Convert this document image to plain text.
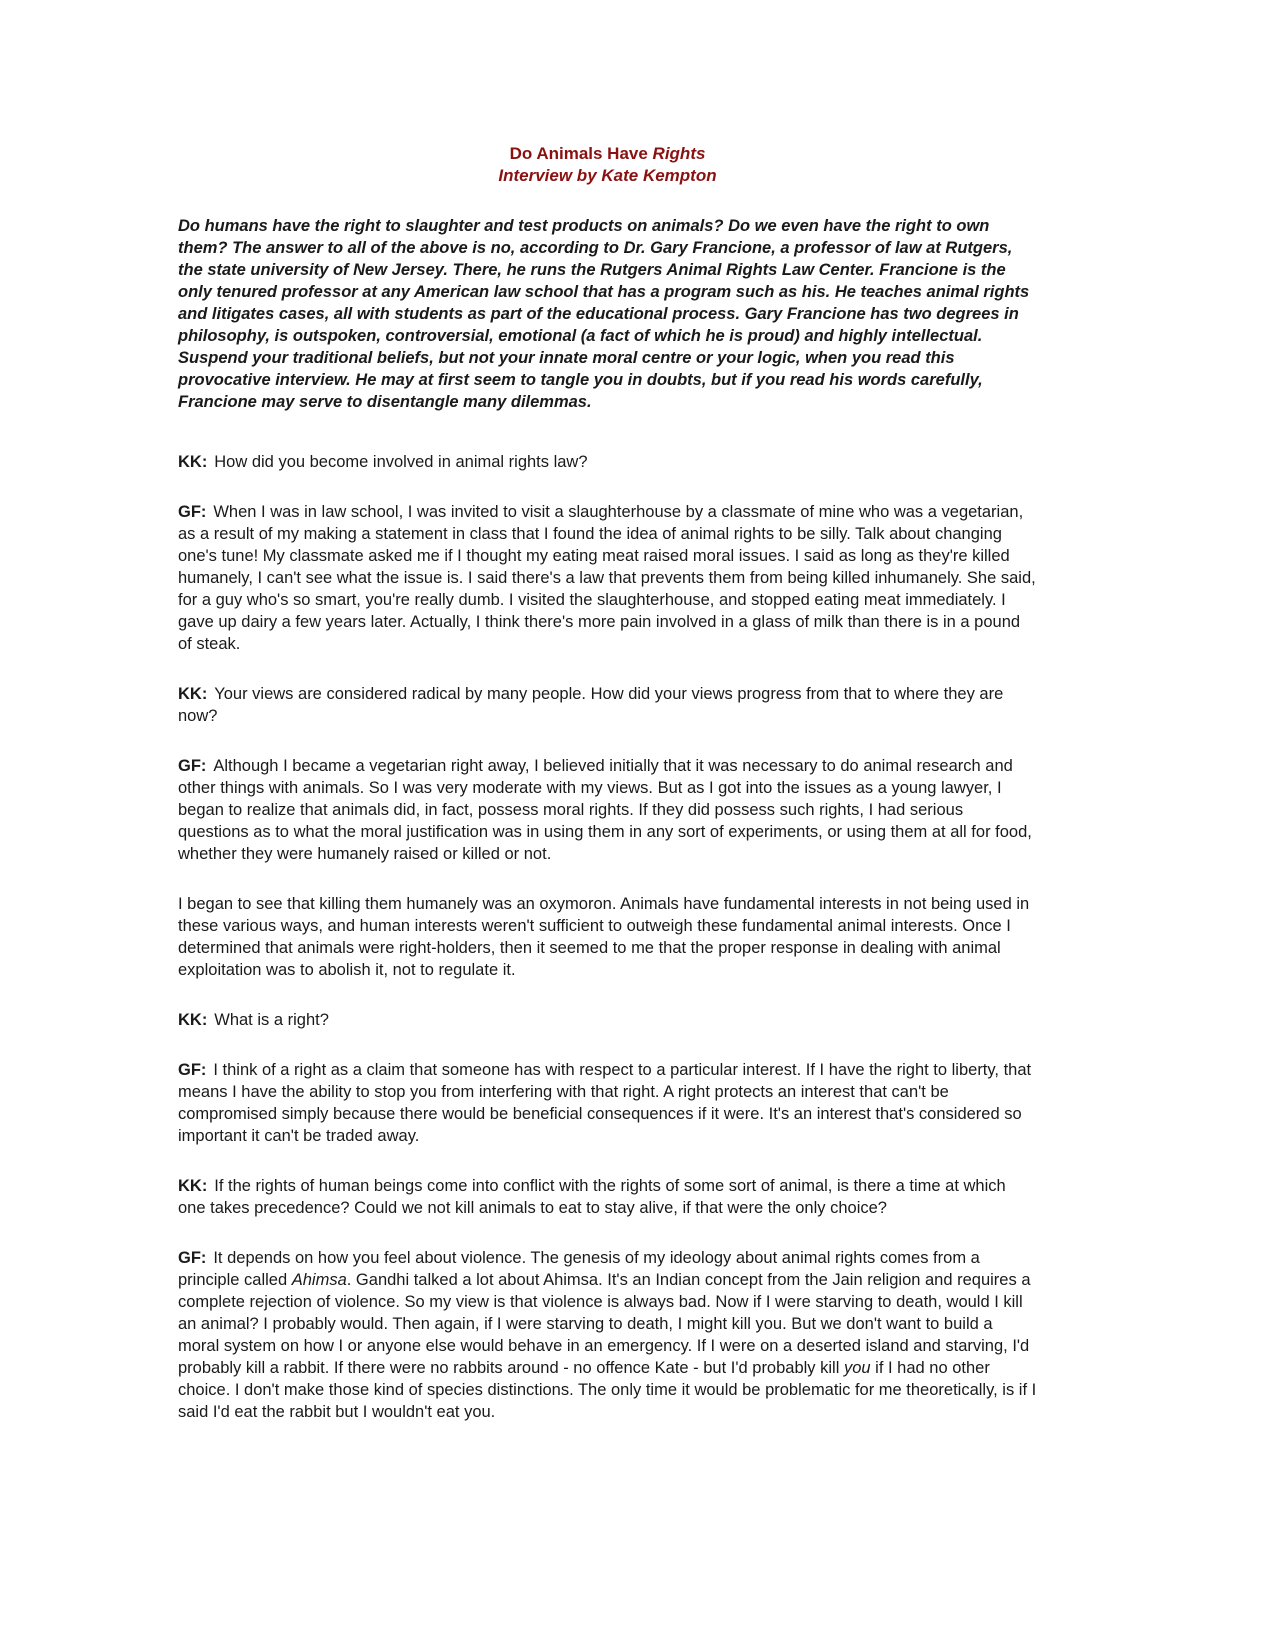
Do Animals Have Rights
Interview by Kate Kempton

Do humans have the right to slaughter and test products on animals? Do we even have the right to own them? The answer to all of the above is no, according to Dr. Gary Francione, a professor of law at Rutgers, the state university of New Jersey. There, he runs the Rutgers Animal Rights Law Center. Francione is the only tenured professor at any American law school that has a program such as his. He teaches animal rights and litigates cases, all with students as part of the educational process. Gary Francione has two degrees in philosophy, is outspoken, controversial, emotional (a fact of which he is proud) and highly intellectual. Suspend your traditional beliefs, but not your innate moral centre or your logic, when you read this provocative interview. He may at first seem to tangle you in doubts, but if you read his words carefully, Francione may serve to disentangle many dilemmas.

KK: How did you become involved in animal rights law?

GF: When I was in law school, I was invited to visit a slaughterhouse by a classmate of mine who was a vegetarian, as a result of my making a statement in class that I found the idea of animal rights to be silly. Talk about changing one's tune! My classmate asked me if I thought my eating meat raised moral issues. I said as long as they're killed humanely, I can't see what the issue is. I said there's a law that prevents them from being killed inhumanely. She said, for a guy who's so smart, you're really dumb. I visited the slaughterhouse, and stopped eating meat immediately. I gave up dairy a few years later. Actually, I think there's more pain involved in a glass of milk than there is in a pound of steak.

KK: Your views are considered radical by many people. How did your views progress from that to where they are now?

GF: Although I became a vegetarian right away, I believed initially that it was necessary to do animal research and other things with animals. So I was very moderate with my views. But as I got into the issues as a young lawyer, I began to realize that animals did, in fact, possess moral rights. If they did possess such rights, I had serious questions as to what the moral justification was in using them in any sort of experiments, or using them at all for food, whether they were humanely raised or killed or not.

I began to see that killing them humanely was an oxymoron. Animals have fundamental interests in not being used in these various ways, and human interests weren't sufficient to outweigh these fundamental animal interests. Once I determined that animals were right-holders, then it seemed to me that the proper response in dealing with animal exploitation was to abolish it, not to regulate it.

KK: What is a right?

GF: I think of a right as a claim that someone has with respect to a particular interest. If I have the right to liberty, that means I have the ability to stop you from interfering with that right. A right protects an interest that can't be compromised simply because there would be beneficial consequences if it were. It's an interest that's considered so important it can't be traded away.

KK: If the rights of human beings come into conflict with the rights of some sort of animal, is there a time at which one takes precedence? Could we not kill animals to eat to stay alive, if that were the only choice?

GF: It depends on how you feel about violence. The genesis of my ideology about animal rights comes from a principle called Ahimsa. Gandhi talked a lot about Ahimsa. It's an Indian concept from the Jain religion and requires a complete rejection of violence. So my view is that violence is always bad. Now if I were starving to death, would I kill an animal? I probably would. Then again, if I were starving to death, I might kill you. But we don't want to build a moral system on how I or anyone else would behave in an emergency. If I were on a deserted island and starving, I'd probably kill a rabbit. If there were no rabbits around - no offence Kate - but I'd probably kill you if I had no other choice. I don't make those kind of species distinctions. The only time it would be problematic for me theoretically, is if I said I'd eat the rabbit but I wouldn't eat you.
